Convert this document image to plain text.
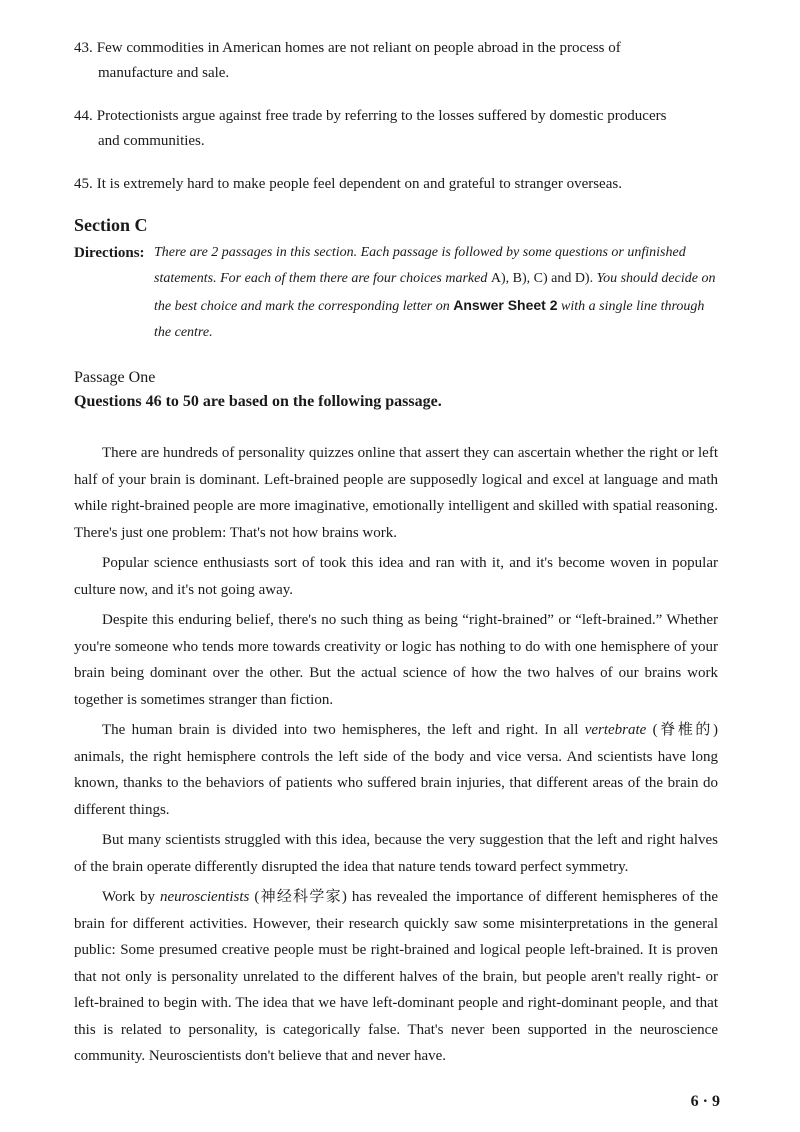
43. Few commodities in American homes are not reliant on people abroad in the process of
manufacture and sale.
44. Protectionists argue against free trade by referring to the losses suffered by domestic producers
and communities.
45. It is extremely hard to make people feel dependent on and grateful to stranger overseas.
Section C
Directions: There are 2 passages in this section. Each passage is followed by some questions or unfinished statements. For each of them there are four choices marked A), B), C) and D). You should decide on the best choice and mark the corresponding letter on Answer Sheet 2 with a single line through the centre.
Passage One
Questions 46 to 50 are based on the following passage.

There are hundreds of personality quizzes online that assert they can ascertain whether the right or left half of your brain is dominant. Left-brained people are supposedly logical and excel at language and math while right-brained people are more imaginative, emotionally intelligent and skilled with spatial reasoning. There's just one problem: That's not how brains work.

Popular science enthusiasts sort of took this idea and ran with it, and it's become woven in popular culture now, and it's not going away.

Despite this enduring belief, there's no such thing as being “right-brained” or “left-brained.” Whether you're someone who tends more towards creativity or logic has nothing to do with one hemisphere of your brain being dominant over the other. But the actual science of how the two halves of our brains work together is sometimes stranger than fiction.

The human brain is divided into two hemispheres, the left and right. In all vertebrate (脊椎的) animals, the right hemisphere controls the left side of the body and vice versa. And scientists have long known, thanks to the behaviors of patients who suffered brain injuries, that different areas of the brain do different things.

But many scientists struggled with this idea, because the very suggestion that the left and right halves of the brain operate differently disrupted the idea that nature tends toward perfect symmetry.

Work by neuroscientists (神经科学家) has revealed the importance of different hemispheres of the brain for different activities. However, their research quickly saw some misinterpretations in the general public: Some presumed creative people must be right-brained and logical people left-brained. It is proven that not only is personality unrelated to the different halves of the brain, but people aren't really right- or left-brained to begin with. The idea that we have left-dominant people and right-dominant people, and that this is related to personality, is categorically false. That's never been supported in the neuroscience community. Neuroscientists don't believe that and never have.

6 · 9
